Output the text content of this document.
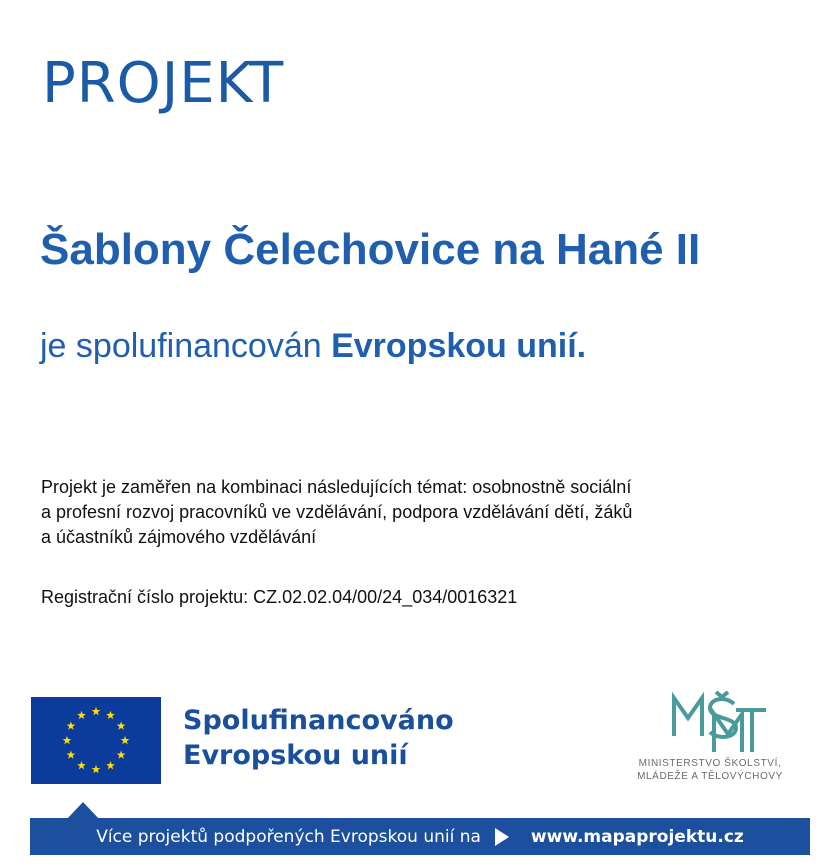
PROJEKT
Šablony Čelechovice na Hané II

je spolufinancován Evropskou unií.

Projekt je zaměřen na kombinaci následujících témat: osobnostně sociální
a profesní rozvoj pracovníků ve vzdělávání, podpora vzdělávání dětí, žáků
a účastníků zájmového vzdělávání

Registrační číslo projektu: CZ.02.02.04/00/24_034/0016321

Spolufinancováno
Evropskou unií	MINISTERSTVO ŠKOLSTVÍ,
MLÁDEŽE A TĚLOVÝCHOVY
Více projektů podpořených Evropskou unií na	www.mapaprojektu.cz
